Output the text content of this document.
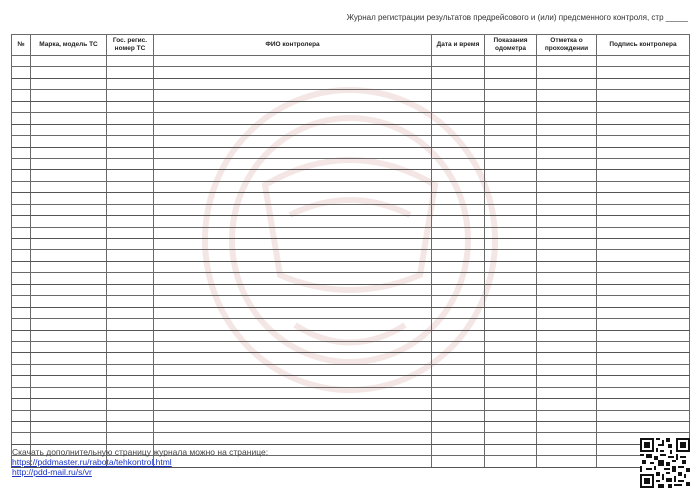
Журнал регистрации результатов предрейсового и (или) предсменного контроля, стр _____
№	Марка, модель ТС	Гос. регис. номер ТС	ФИО контролера	Дата и время	Показания одометра	Отметка о прохождении	Подпись контролера

Скачать дополнительную страницу журнала можно на странице:
https://pddmaster.ru/rabota/tehkontrol.html
http://pdd-mail.ru/s/vr
